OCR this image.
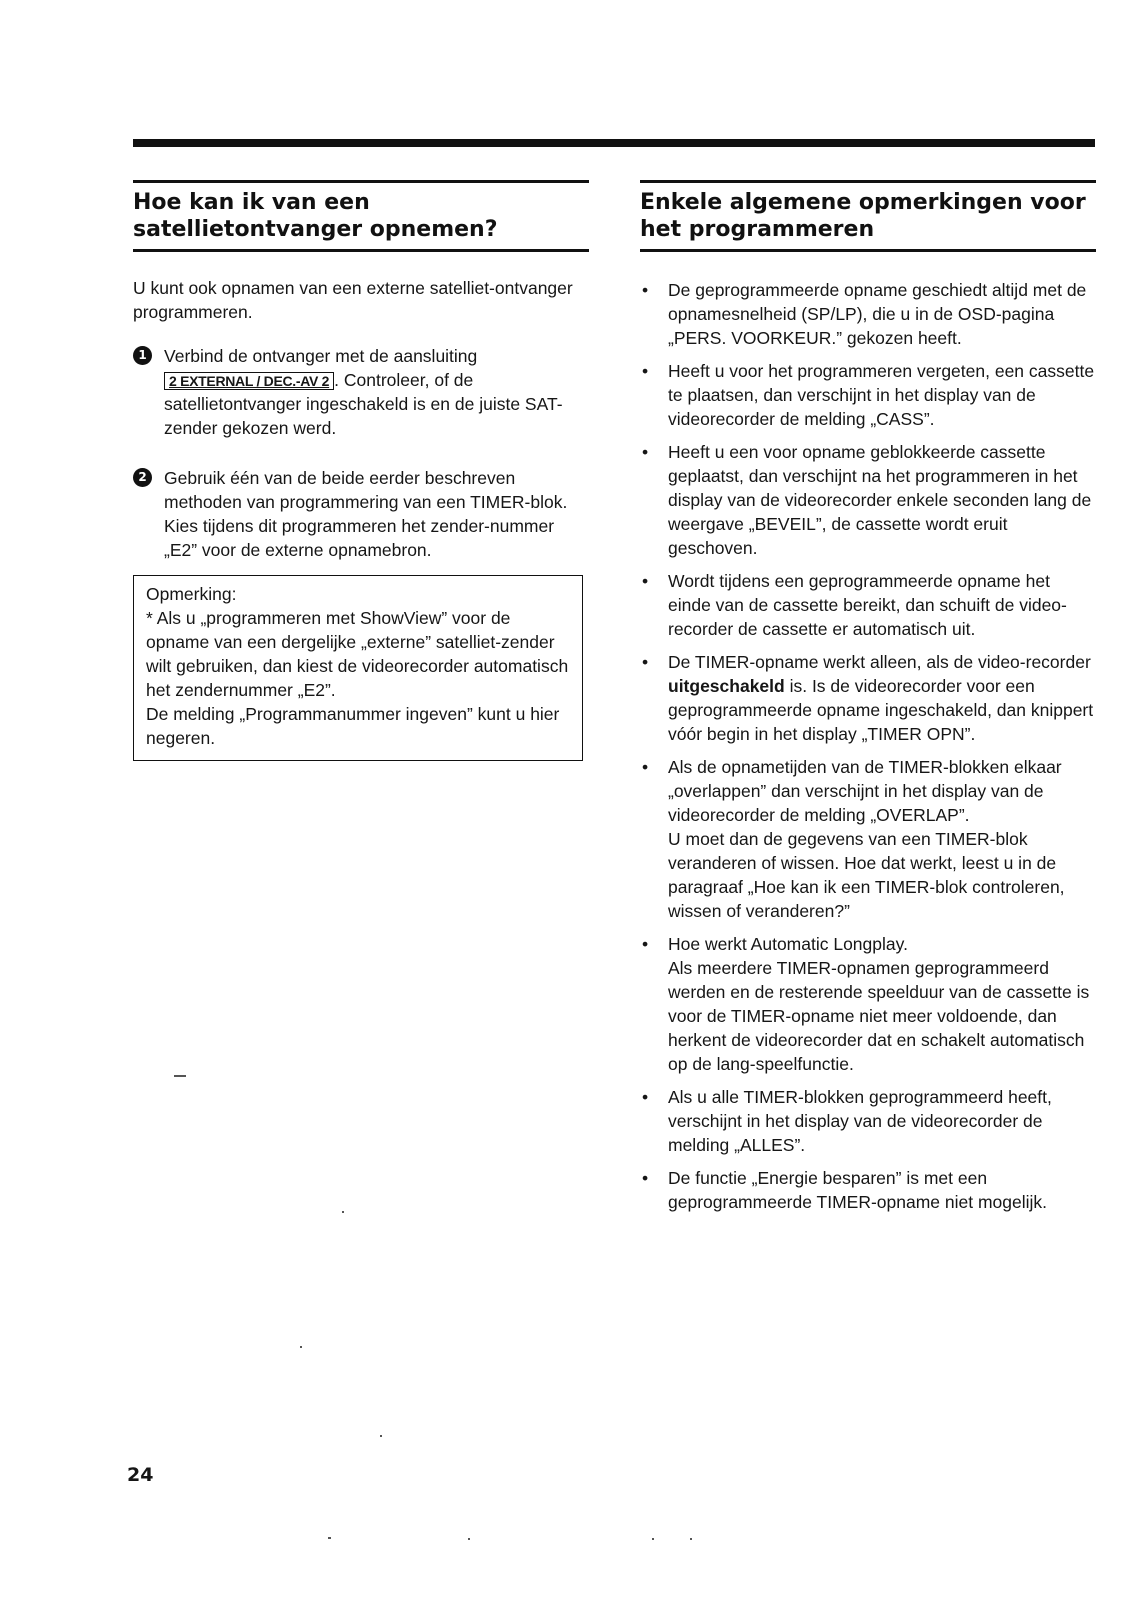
Hoe kan ik van een
satellietontvanger opnemen?

U kunt ook opnamen van een externe satelliet-ontvanger programmeren.

1 Verbind de ontvanger met de aansluiting 2 EXTERNAL / DEC.-AV 2 . Controleer, of de satellietontvanger ingeschakeld is en de juiste SAT-zender gekozen werd.
2 Gebruik één van de beide eerder beschreven methoden van programmering van een TIMER-blok. Kies tijdens dit programmeren het zender-nummer „E2” voor de externe opnamebron.
Opmerking:
* Als u „programmeren met ShowView” voor de opname van een dergelijke „externe” satelliet-zender wilt gebruiken, dan kiest de videorecorder automatisch het zendernummer „E2”.
De melding „Programmanummer ingeven” kunt u hier negeren.
Enkele algemene opmerkingen voor
het programmeren
• De geprogrammeerde opname geschiedt altijd met de opnamesnelheid (SP/LP), die u in de OSD-pagina „PERS. VOORKEUR.” gekozen heeft.
• Heeft u voor het programmeren vergeten, een cassette te plaatsen, dan verschijnt in het display van de videorecorder de melding „CASS”.
• Heeft u een voor opname geblokkeerde cassette geplaatst, dan verschijnt na het programmeren in het display van de videorecorder enkele seconden lang de weergave „BEVEIL”, de cassette wordt eruit geschoven.
• Wordt tijdens een geprogrammeerde opname het einde van de cassette bereikt, dan schuift de video-recorder de cassette er automatisch uit.
• De TIMER-opname werkt alleen, als de video-recorder uitgeschakeld is. Is de videorecorder voor een geprogrammeerde opname ingeschakeld, dan knippert vóór begin in het display „TIMER OPN”.
• Als de opnametijden van de TIMER-blokken elkaar „overlappen” dan verschijnt in het display van de videorecorder de melding „OVERLAP”.
U moet dan de gegevens van een TIMER-blok veranderen of wissen. Hoe dat werkt, leest u in de paragraaf „Hoe kan ik een TIMER-blok controleren, wissen of veranderen?”
• Hoe werkt Automatic Longplay.
Als meerdere TIMER-opnamen geprogrammeerd werden en de resterende speelduur van de cassette is voor de TIMER-opname niet meer voldoende, dan herkent de videorecorder dat en schakelt automatisch op de lang-speelfunctie.
• Als u alle TIMER-blokken geprogrammeerd heeft, verschijnt in het display van de videorecorder de melding „ALLES”.
• De functie „Energie besparen” is met een geprogrammeerde TIMER-opname niet mogelijk.
24
